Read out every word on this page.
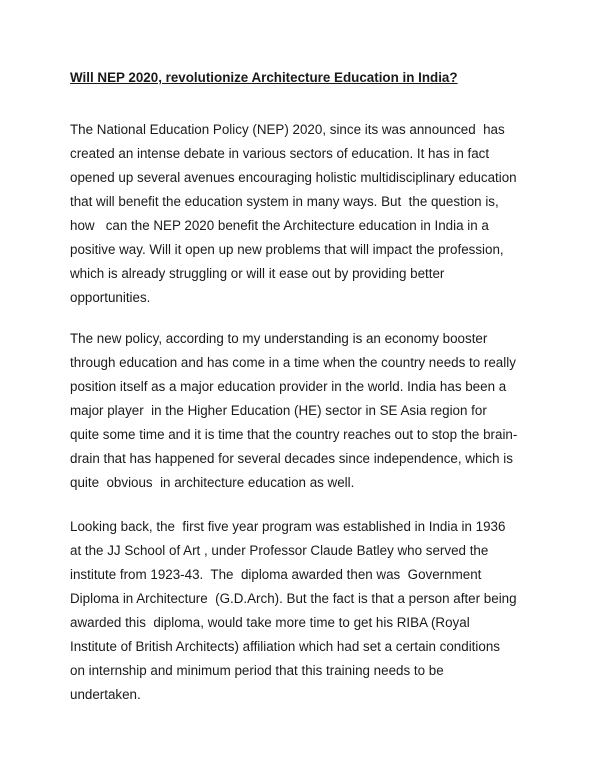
Will NEP 2020, revolutionize Architecture Education in India?

The National Education Policy (NEP) 2020, since its was announced  has
created an intense debate in various sectors of education. It has in fact
opened up several avenues encouraging holistic multidisciplinary education
that will benefit the education system in many ways. But  the question is,
how   can the NEP 2020 benefit the Architecture education in India in a
positive way. Will it open up new problems that will impact the profession,
which is already struggling or will it ease out by providing better
opportunities.

The new policy, according to my understanding is an economy booster
through education and has come in a time when the country needs to really
position itself as a major education provider in the world. India has been a
major player  in the Higher Education (HE) sector in SE Asia region for
quite some time and it is time that the country reaches out to stop the brain-
drain that has happened for several decades since independence, which is
quite  obvious  in architecture education as well.

Looking back, the  first five year program was established in India in 1936
at the JJ School of Art , under Professor Claude Batley who served the
institute from 1923-43.  The  diploma awarded then was  Government
Diploma in Architecture  (G.D.Arch). But the fact is that a person after being
awarded this  diploma, would take more time to get his RIBA (Royal
Institute of British Architects) affiliation which had set a certain conditions
on internship and minimum period that this training needs to be
undertaken.
